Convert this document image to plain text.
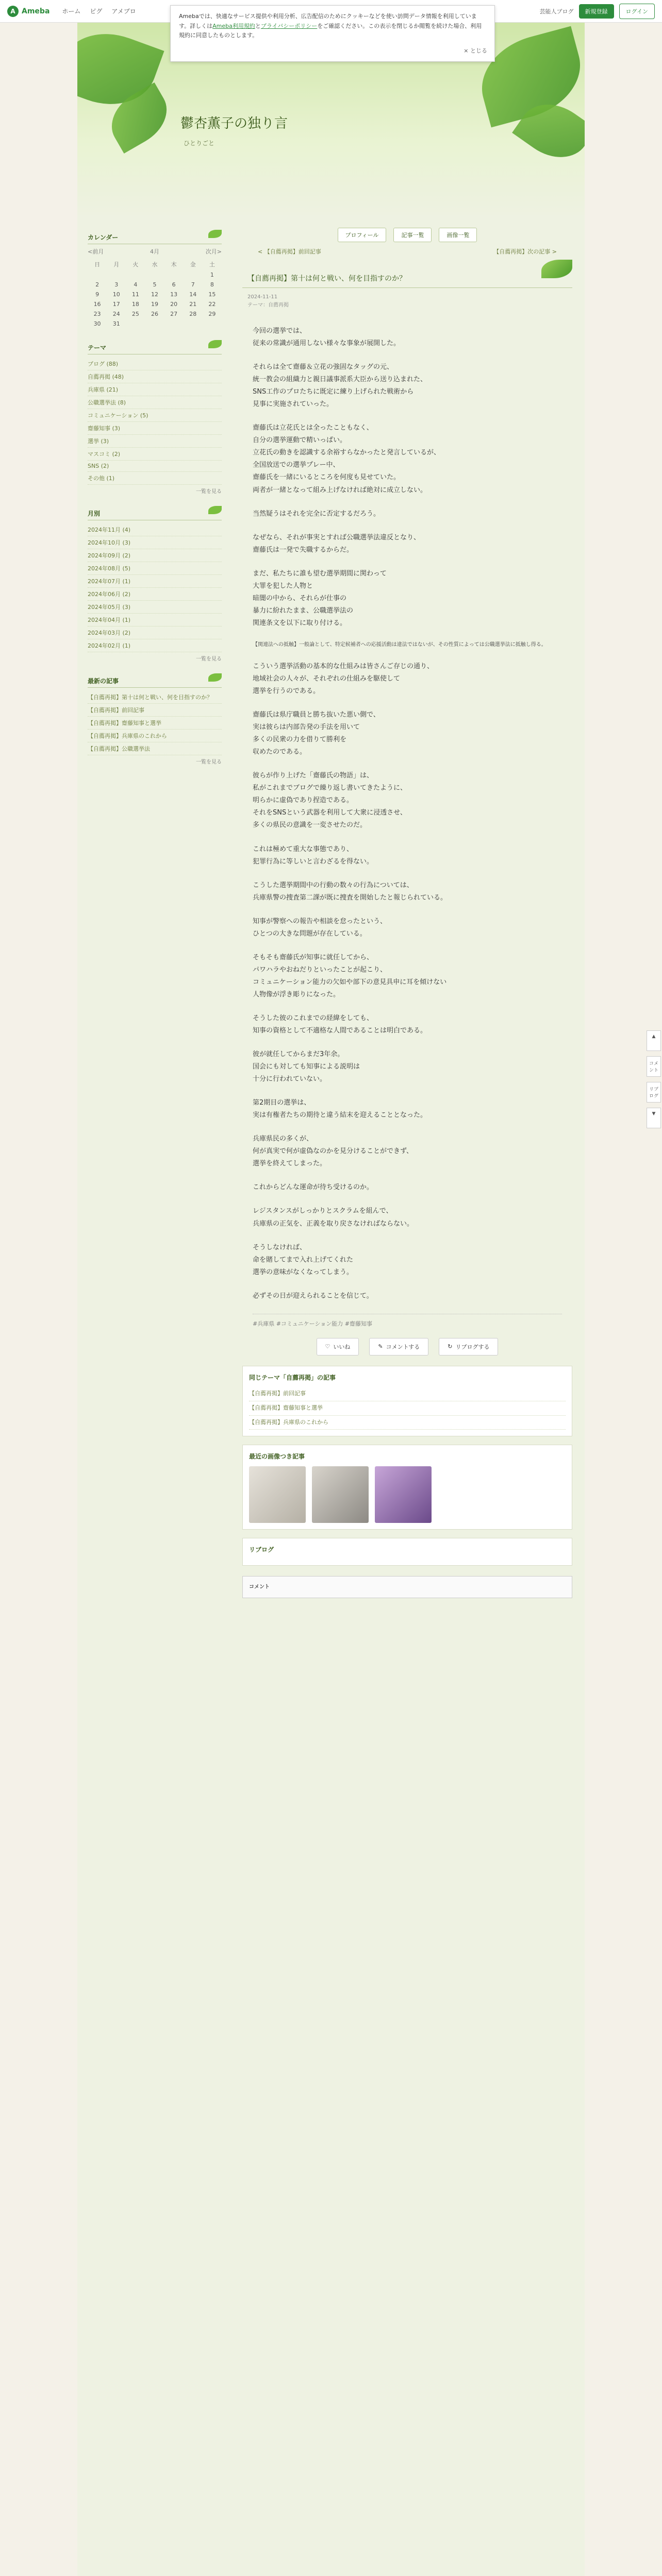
A Ameba ホーム ピグ アメブロ	芸能人ブログ	新規登録	ログイン
鬱杏薫子の独り言
ひとりごと
カレンダー
<前月	4月	次月>
日	月	火	水	木	金	土
						1
2	3	4	5	6	7	8
9	10	11	12	13	14	15
16	17	18	19	20	21	22
23	24	25	26	27	28	29
30	31					
テーマ
ブログ (88)
自薦再掲 (48)
兵庫県 (21)
公職選挙法 (8)
コミュニケーション (5)
齋藤知事 (3)
選挙 (3)
マスコミ (2)
SNS (2)
その他 (1)
一覧を見る
月別
2024年11月 (4)
2024年10月 (3)
2024年09月 (2)
2024年08月 (5)
2024年07月 (1)
2024年06月 (2)
2024年05月 (3)
2024年04月 (1)
2024年03月 (2)
2024年02月 (1)
一覧を見る
最新の記事
【自薦再掲】第十は何と戦い、何を目指すのか？
【自薦再掲】前回記事
【自薦再掲】齋藤知事と選挙
【自薦再掲】兵庫県のこれから
【自薦再掲】公職選挙法
一覧を見る
プロフィール	記事一覧	画像一覧
< 【自薦再掲】前回記事	【自薦再掲】次の記事 >
【自薦再掲】第十は何と戦い、何を目指すのか？
2024-11-11
テーマ：自薦再掲

今回の選挙では、
従来の常識が通用しない様々な事象が展開した。

それらは全て齋藤＆立花の強固なタッグの元、
統一教会の組織力と親日議事派系大臣から送り込まれた、
SNS工作のプロたちに既定に練り上げられた戦術から
見事に実施されていった。

齋藤氏は立花氏とは全ったこともなく、
自分の選挙運動で精いっぱい。
立花氏の動きを認識する余裕すらなかったと発言しているが、
全国放送での選挙プレー中、
齋藤氏を一緒にいるところを何度も見せていた。
両者が一緒となって組み上げなければ絶対に成立しない。

当然疑うはそれを完全に否定するだろう。

なぜなら、それが事実とすれば公職選挙法違反となり、
齋藤氏は一発で失職するからだ。

まだ、私たちに誰も望む選挙期間に関わって
大罪を犯した人物と
暗闇の中から、それらが仕事の
暴力に紛れたまま、公職選挙法の
関連条文を以下に取り付ける。

【関連法への抵触】一般論として、特定候補者への応援活動は違法ではないが、その性質によっては公職選挙法に抵触し得る。

こういう選挙活動の基本的な仕組みは皆さんご存じの通り、
地域社会の人々が、それぞれの仕組みを駆使して
選挙を行うのである。

齋藤氏は県庁職員と勝ち抜いた悪い側で、
実は彼らは内部告発の手法を用いて
多くの民衆の力を借りて勝利を
収めたのである。

彼らが作り上げた「齋藤氏の物語」は、
私がこれまでブログで繰り返し書いてきたように、
明らかに虚偽であり捏造である。
それをSNSという武器を利用して大衆に浸透させ、
多くの県民の意識を一変させたのだ。

これは極めて重大な事態であり、
犯罪行為に等しいと言わざるを得ない。

こうした選挙期間中の行動の数々の行為については、
兵庫県警の捜査第二課が既に捜査を開始したと報じられている。

知事が警察への報告や相談を怠ったという、
ひとつの大きな問題が存在している。

そもそも齋藤氏が知事に就任してから、
パワハラやおねだりといったことが起こり、
コミュニケーション能力の欠如や部下の意見具申に耳を傾けない
人物像が浮き彫りになった。

そうした彼のこれまでの経緯をしても、
知事の資格として不適格な人間であることは明白である。

彼が就任してからまだ3年余。
国会にも対しても知事による説明は
十分に行われていない。

第2期目の選挙は、
実は有権者たちの期待と違う結末を迎えることとなった。

兵庫県民の多くが、
何が真実で何が虚偽なのかを見分けることができず、
選挙を終えてしまった。

これからどんな運命が待ち受けるのか。

レジスタンスがしっかりとスクラムを組んで、
兵庫県の正気を、正義を取り戻さなければならない。

そうしなければ、
命を賭してまで入れ上げてくれた
選挙の意味がなくなってしまう。

必ずその日が迎えられることを信じて。

#兵庫県 #コミュニケーション能力 #齋藤知事
♡ いいね	✎ コメントする	↻ リブログする
同じテーマ「自薦再掲」の記事
【自薦再掲】前回記事
【自薦再掲】齋藤知事と選挙
【自薦再掲】兵庫県のこれから
最近の画像つき記事
リブログ
コメント
▲
コメント
リブログ
▼
Amebaでは、快適なサービス提供や利用分析、広告配信のためにクッキーなどを使い訪問データ情報を利用しています。詳しくはAmeba利用規約とプライバシーポリシーをご確認ください。この表示を閉じるか閲覧を続けた場合、利用規約に同意したものとします。
× とじる
